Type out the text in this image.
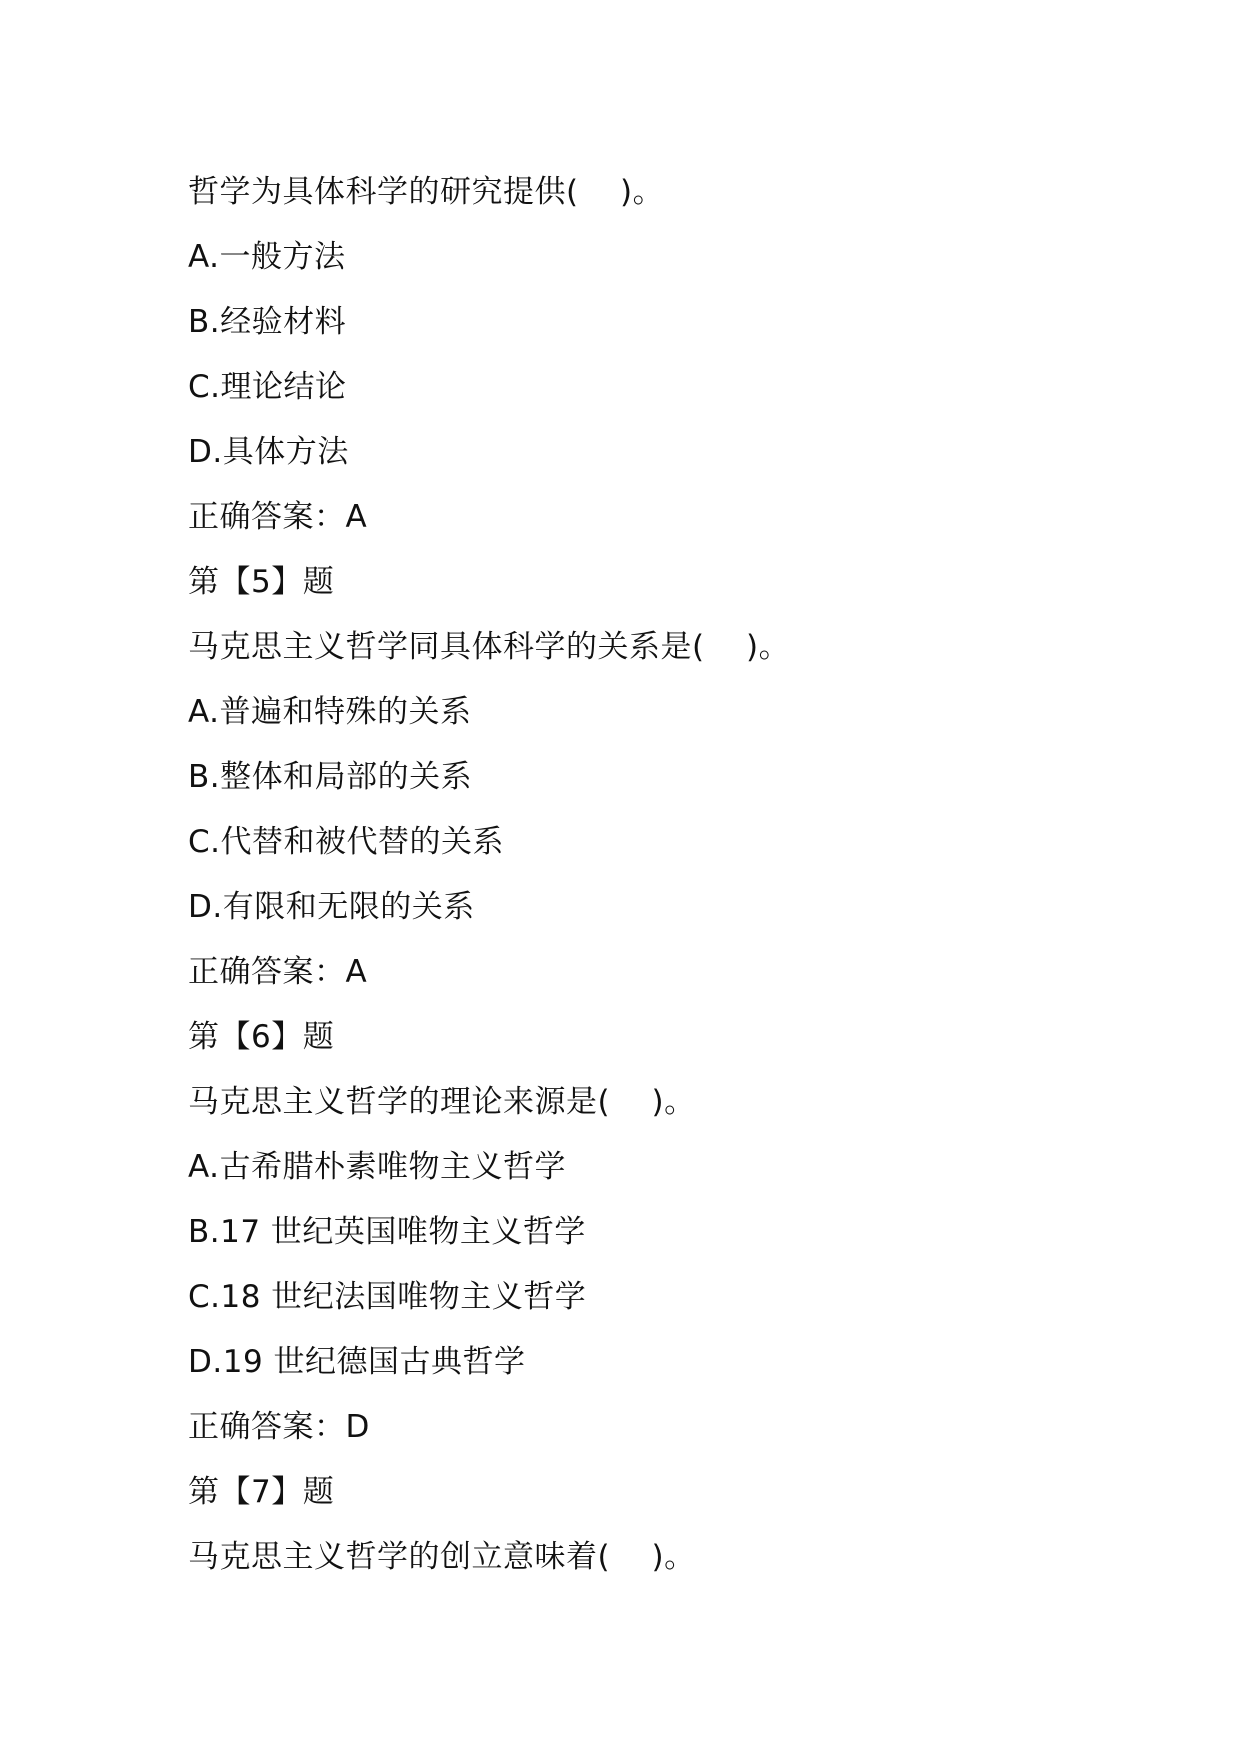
哲学为具体科学的研究提供(    )。
A.一般方法
B.经验材料
C.理论结论
D.具体方法
正确答案：A
第【5】题
马克思主义哲学同具体科学的关系是(    )。
A.普遍和特殊的关系
B.整体和局部的关系
C.代替和被代替的关系
D.有限和无限的关系
正确答案：A
第【6】题
马克思主义哲学的理论来源是(    )。
A.古希腊朴素唯物主义哲学
B.17 世纪英国唯物主义哲学
C.18 世纪法国唯物主义哲学
D.19 世纪德国古典哲学
正确答案：D
第【7】题
马克思主义哲学的创立意味着(    )。
